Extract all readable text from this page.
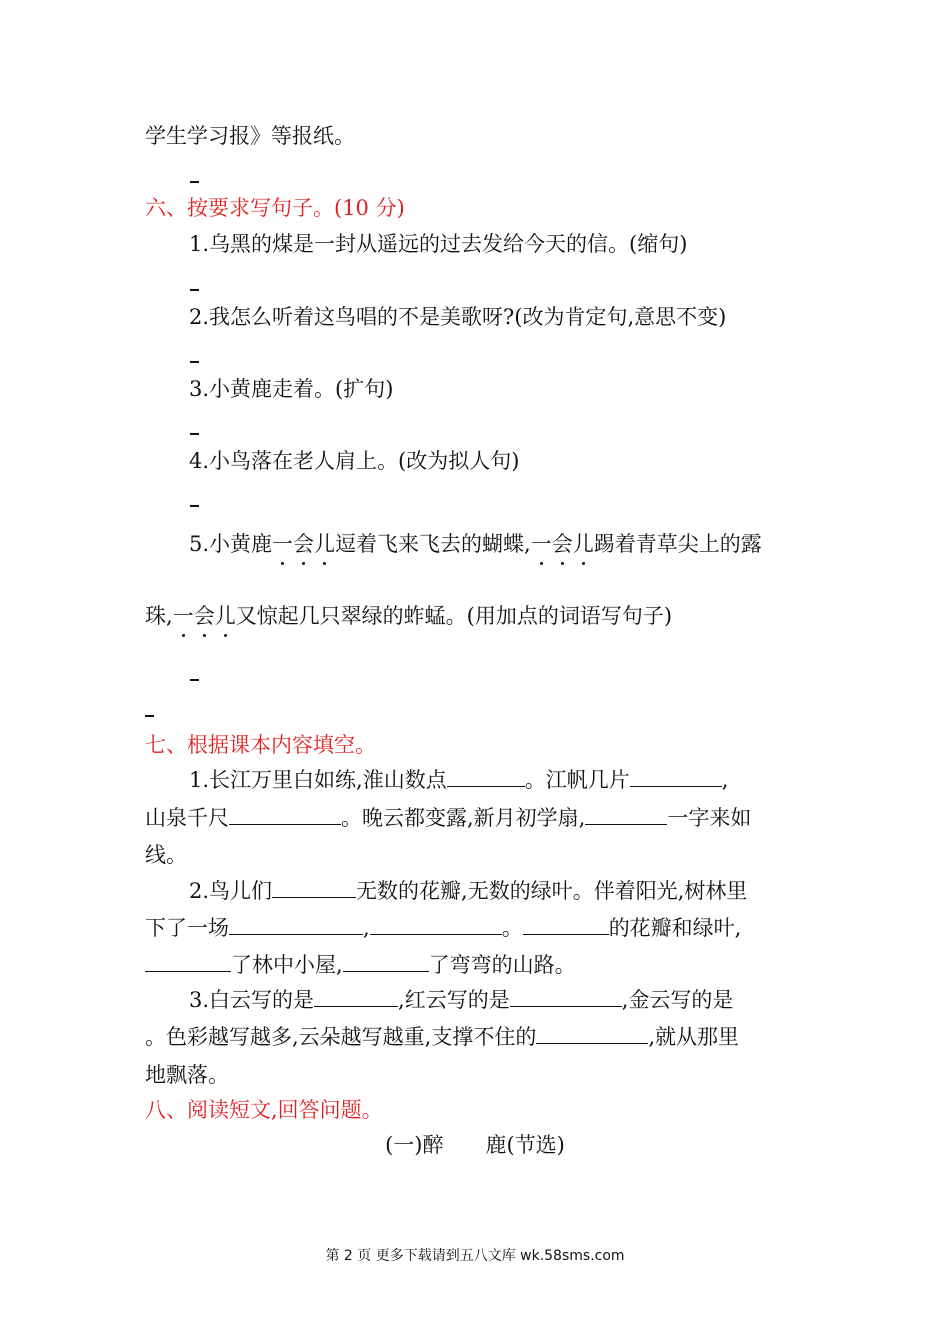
学生学习报》等报纸。
六、按要求写句子。(10 分)
1.乌黑的煤是一封从遥远的过去发给今天的信。(缩句)
2.我怎么听着这鸟唱的不是美歌呀?(改为肯定句,意思不变)
3.小黄鹿走着。(扩句)
4.小鸟落在老人肩上。(改为拟人句)
5.小黄鹿一会儿逗着飞来飞去的蝴蝶,一会儿踢着青草尖上的露
珠,一会儿又惊起几只翠绿的蚱蜢。(用加点的词语写句子)
七、根据课本内容填空。
1.长江万里白如练,淮山数点	。江帆几片	,
山泉千尺	。晚云都变露,新月初学扇,	一字来如
线。
2.鸟儿们	无数的花瓣,无数的绿叶。伴着阳光,树林里
下了一场	,	。	的花瓣和绿叶,
了林中小屋,	了弯弯的山路。
3.白云写的是	,红云写的是	,金云写的是
。色彩越写越多,云朵越写越重,支撑不住的	,就从那里
地飘落。
八、阅读短文,回答问题。
(一)醉　　鹿(节选)
第 2 页 更多下载请到五八文库 wk.58sms.com
